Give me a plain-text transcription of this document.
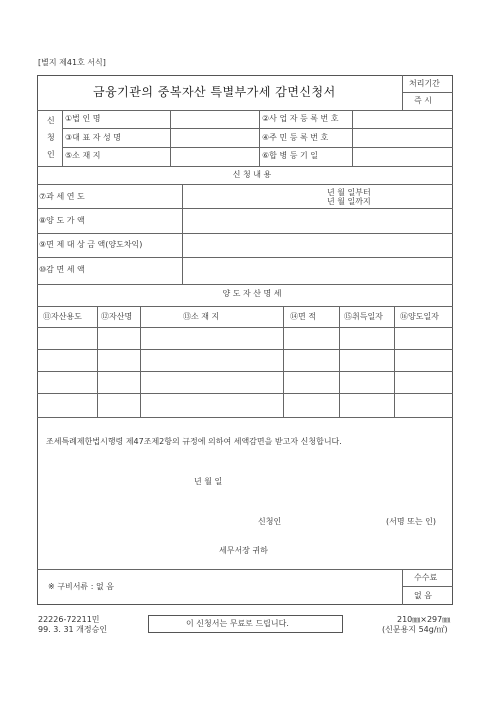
[별지 제41호 서식]
금융기관의 중복자산 특별부가세 감면신청서
처리기간
즉 시
신
청
인
①법 인 명	②사 업 자 등 록 번 호
③대 표 자 성 명	④주 민 등 록 번 호
⑤소 재 지	⑥합 병 등 기 일
신 청 내 용
⑦과 세 연 도	년 월 일부터
년 월 일까지
⑧양 도 가 액
⑨면 제 대 상 금 액(양도차익)
⑩감 면 세 액
양 도 자 산 명 세
⑪자산용도 ⑫자산명	⑬소 재 지	⑭면 적	⑮취득일자 ⑯양도일자
조세특례제한법시행령 제47조제2항의 규정에 의하여 세액감면을 받고자 신청합니다.
년 월 일
신청인	(서명 또는 인)
세무서장 귀하
※ 구비서류 : 없 음
수수료
없 음
22226-72211민
99. 3. 31 개정승인
이 신청서는 무료로 드립니다.	210㎜×297㎜
(신문용지 54g/㎡)
